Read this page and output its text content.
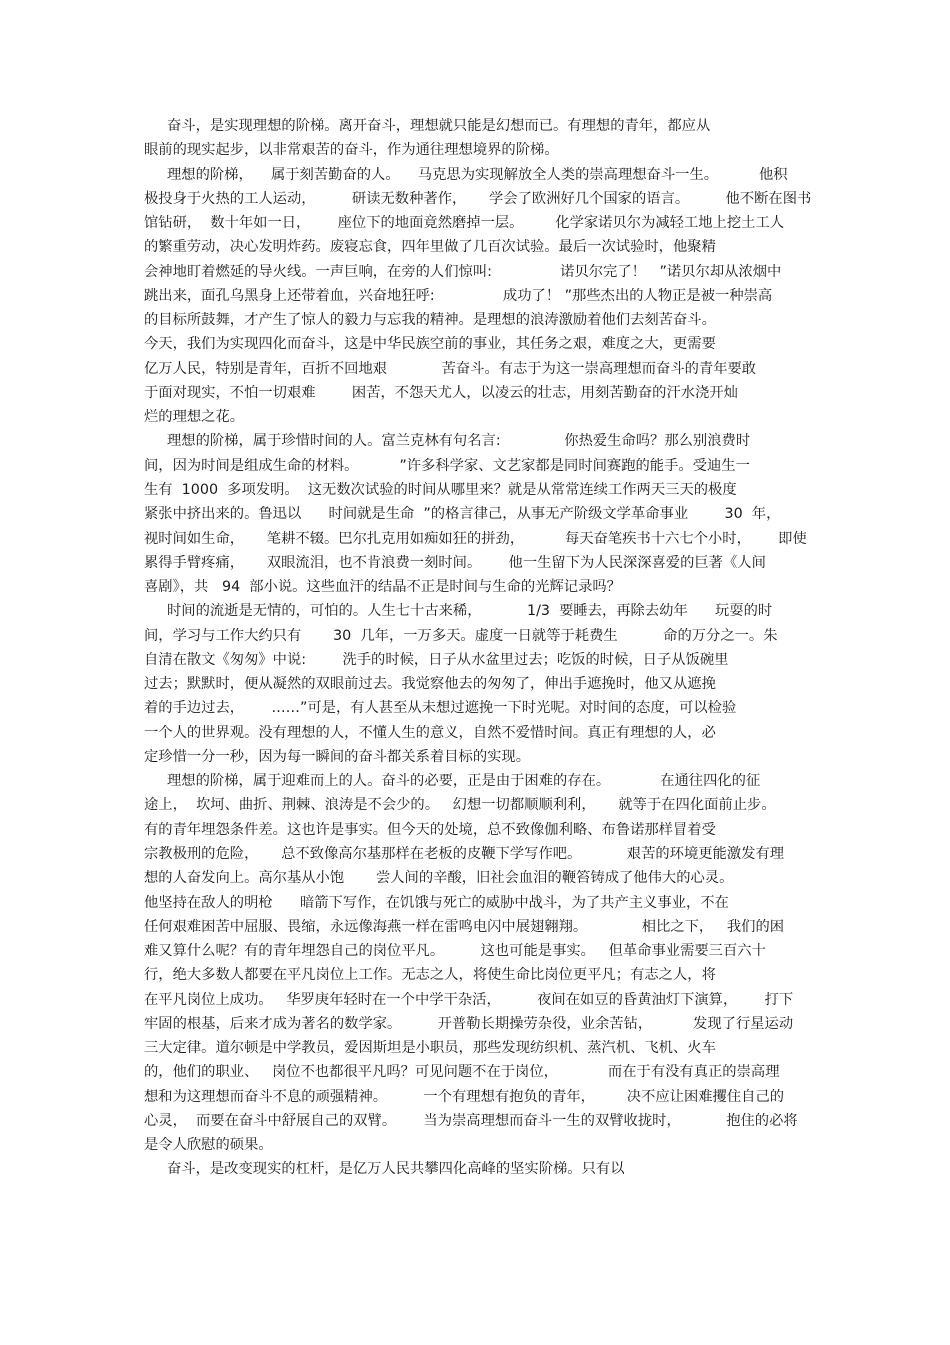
奋斗，是实现理想的阶梯。离开奋斗，理想就只能是幻想而已。有理想的青年，都应从
眼前的现实起步，以非常艰苦的奋斗，作为通往理想境界的阶梯。
理想的阶梯，    属于刻苦勤奋的人。    马克思为实现解放全人类的崇高理想奋斗一生。         他积
极投身于火热的工人运动，        研读无数种著作，     学会了欧洲好几个国家的语言。        他不断在图书
馆钻研，  数十年如一日，      座位下的地面竟然磨掉一层。       化学家诺贝尔为减轻工地上挖土工人
的繁重劳动，决心发明炸药。废寝忘食，四年里做了几百次试验。最后一次试验时，他聚精
会神地盯着燃延的导火线。一声巨响，在旁的人们惊叫:               诺贝尔完了！   ”诺贝尔却从浓烟中
跳出来，面孔乌黑身上还带着血，兴奋地狂呼:               成功了！ ”那些杰出的人物正是被一种崇高
的目标所鼓舞，才产生了惊人的毅力与忘我的精神。是理想的浪涛激励着他们去刻苦奋斗。
今天，我们为实现四化而奋斗，这是中华民族空前的事业，其任务之艰，难度之大，更需要
亿万人民，特别是青年，百折不回地艰            苦奋斗。有志于为这一崇高理想而奋斗的青年要敢
于面对现实，不怕一切艰难        困苦，不怨天尤人，以凌云的壮志，用刻苦勤奋的汗水浇开灿
烂的理想之花。
理想的阶梯，属于珍惜时间的人。富兰克林有句名言:              你热爱生命吗？那么别浪费时
间，因为时间是组成生命的材料。         ”许多科学家、文艺家都是同时间赛跑的能手。受迪生一
生有  1000  多项发明。  这无数次试验的时间从哪里来？就是从常常连续工作两天三天的极度
紧张中挤出来的。鲁迅以      时间就是生命  ”的格言律己，从事无产阶级文学革命事业        30  年，
视时间如生命，     笔耕不辍。巴尔扎克用如痴如狂的拼劲，         每天奋笔疾书十六七个小时，      即使
累得手臂疼痛，     双眼流泪，也不肯浪费一刻时间。      他一生留下为人民深深喜爱的巨著《人间
喜剧》，共   94  部小说。这些血汗的结晶不正是时间与生命的光辉记录吗？
时间的流逝是无情的，可怕的。人生七十古来稀，          1/3  要睡去，再除去幼年      玩耍的时
间，学习与工作大约只有       30  几年，一万多天。虚度一日就等于耗费生          命的万分之一。朱
自清在散文《匆匆》中说:        洗手的时候，日子从水盆里过去；吃饭的时候，日子从饭碗里
过去；默默时，便从凝然的双眼前过去。我觉察他去的匆匆了，伸出手遮挽时，他又从遮挽
着的手边过去，      ……”可是，有人甚至从未想过遮挽一下时光呢。对时间的态度，可以检验
一个人的世界观。没有理想的人，不懂人生的意义，自然不爱惜时间。真正有理想的人，必
定珍惜一分一秒，因为每一瞬间的奋斗都关系着目标的实现。
理想的阶梯，属于迎难而上的人。奋斗的必要，正是由于困难的存在。           在通往四化的征
途上，  坎坷、曲折、荆棘、浪涛是不会少的。   幻想一切都顺顺利利，     就等于在四化面前止步。
有的青年埋怨条件差。这也许是事实。但今天的处境，总不致像伽利略、布鲁诺那样冒着受
宗教极刑的危险，     总不致像高尔基那样在老板的皮鞭下学写作吧。          艰苦的环境更能激发有理
想的人奋发向上。高尔基从小饱       尝人间的辛酸，旧社会血泪的鞭笞铸成了他伟大的心灵。
他坚持在敌人的明枪      暗箭下写作，在饥饿与死亡的威胁中战斗，为了共产主义事业，不在
任何艰难困苦中屈服、畏缩，永远像海燕一样在雷鸣电闪中展翅翱翔。            相比之下，   我们的困
难又算什么呢？有的青年埋怨自己的岗位平凡。        这也可能是事实。   但革命事业需要三百六十
行，绝大多数人都要在平凡岗位上工作。无志之人，将使生命比岗位更平凡；有志之人，将
在平凡岗位上成功。   华罗庚年轻时在一个中学干杂活，        夜间在如豆的昏黄油灯下演算，      打下
牢固的根基，后来才成为著名的数学家。        开普勒长期操劳杂役，业余苦钻，         发现了行星运动
三大定律。道尔顿是中学教员，爱因斯坦是小职员，那些发现纺织机、蒸汽机、飞机、火车
的，他们的职业、   岗位不也都很平凡吗？可见问题不在于岗位，           而在于有没有真正的崇高理
想和为这理想而奋斗不息的顽强精神。        一个有理想有抱负的青年，       决不应让困难攫住自己的
心灵，  而要在奋斗中舒展自己的双臂。      当为崇高理想而奋斗一生的双臂收拢时，          抱住的必将
是令人欣慰的硕果。
奋斗，是改变现实的杠杆，是亿万人民共攀四化高峰的坚实阶梯。只有以
